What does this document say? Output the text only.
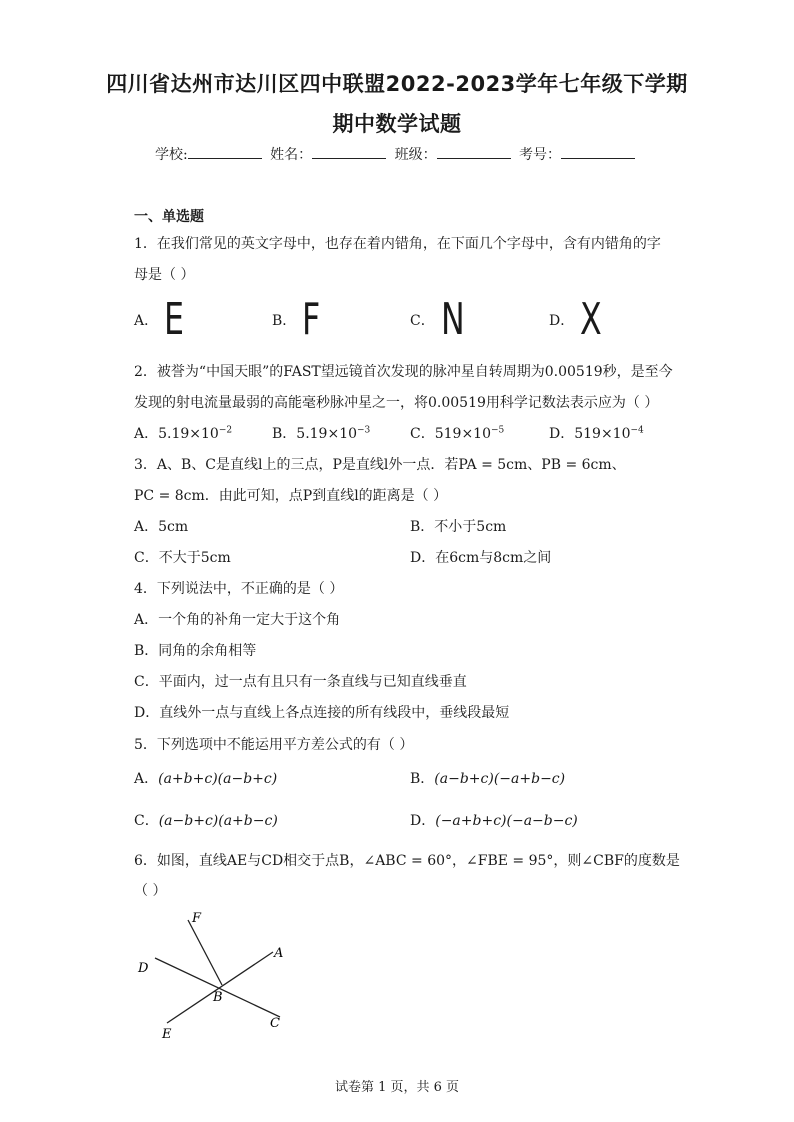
四川省达州市达川区四中联盟2022-2023学年七年级下学期
期中数学试题
学校:	姓名：	班级：	考号：
一、单选题
1．在我们常见的英文字母中，也存在着内错角，在下面几个字母中，含有内错角的字
母是（ ）
A． E	B． F	C． N	D． X
2．被誉为“中国天眼”的FAST望远镜首次发现的脉冲星自转周期为0.00519秒，是至今
发现的射电流量最弱的高能毫秒脉冲星之一，将0.00519用科学记数法表示应为（ ）
A．$5.19\times 10^{-2}$	B．$5.19\times 10^{-3}$	C．$519\times 10^{-5}$	D．$519\times 10^{-4}$
3．A、B、C是直线l上的三点，P是直线l外一点．若PA = 5cm、PB = 6cm、
PC = 8cm．由此可知，点P到直线l的距离是（ ）
A．5cm	B．不小于5cm
C．不大于5cm	D．在6cm与8cm之间
4．下列说法中，不正确的是（ ）
A．一个角的补角一定大于这个角
B．同角的余角相等
C．平面内，过一点有且只有一条直线与已知直线垂直
D．直线外一点与直线上各点连接的所有线段中，垂线段最短
5．下列选项中不能运用平方差公式的有（ ）
A．(a+b+c)(a−b+c)	B．(a−b+c)(−a+b−c)
C．(a−b+c)(a+b−c)	D．(−a+b+c)(−a−b−c)
6．如图，直线AE与CD相交于点B，∠ABC = 60°，∠FBE = 95°，则∠CBF的度数是
（ ）
F
A
D
B
C
E
试卷第 1 页，共 6 页
